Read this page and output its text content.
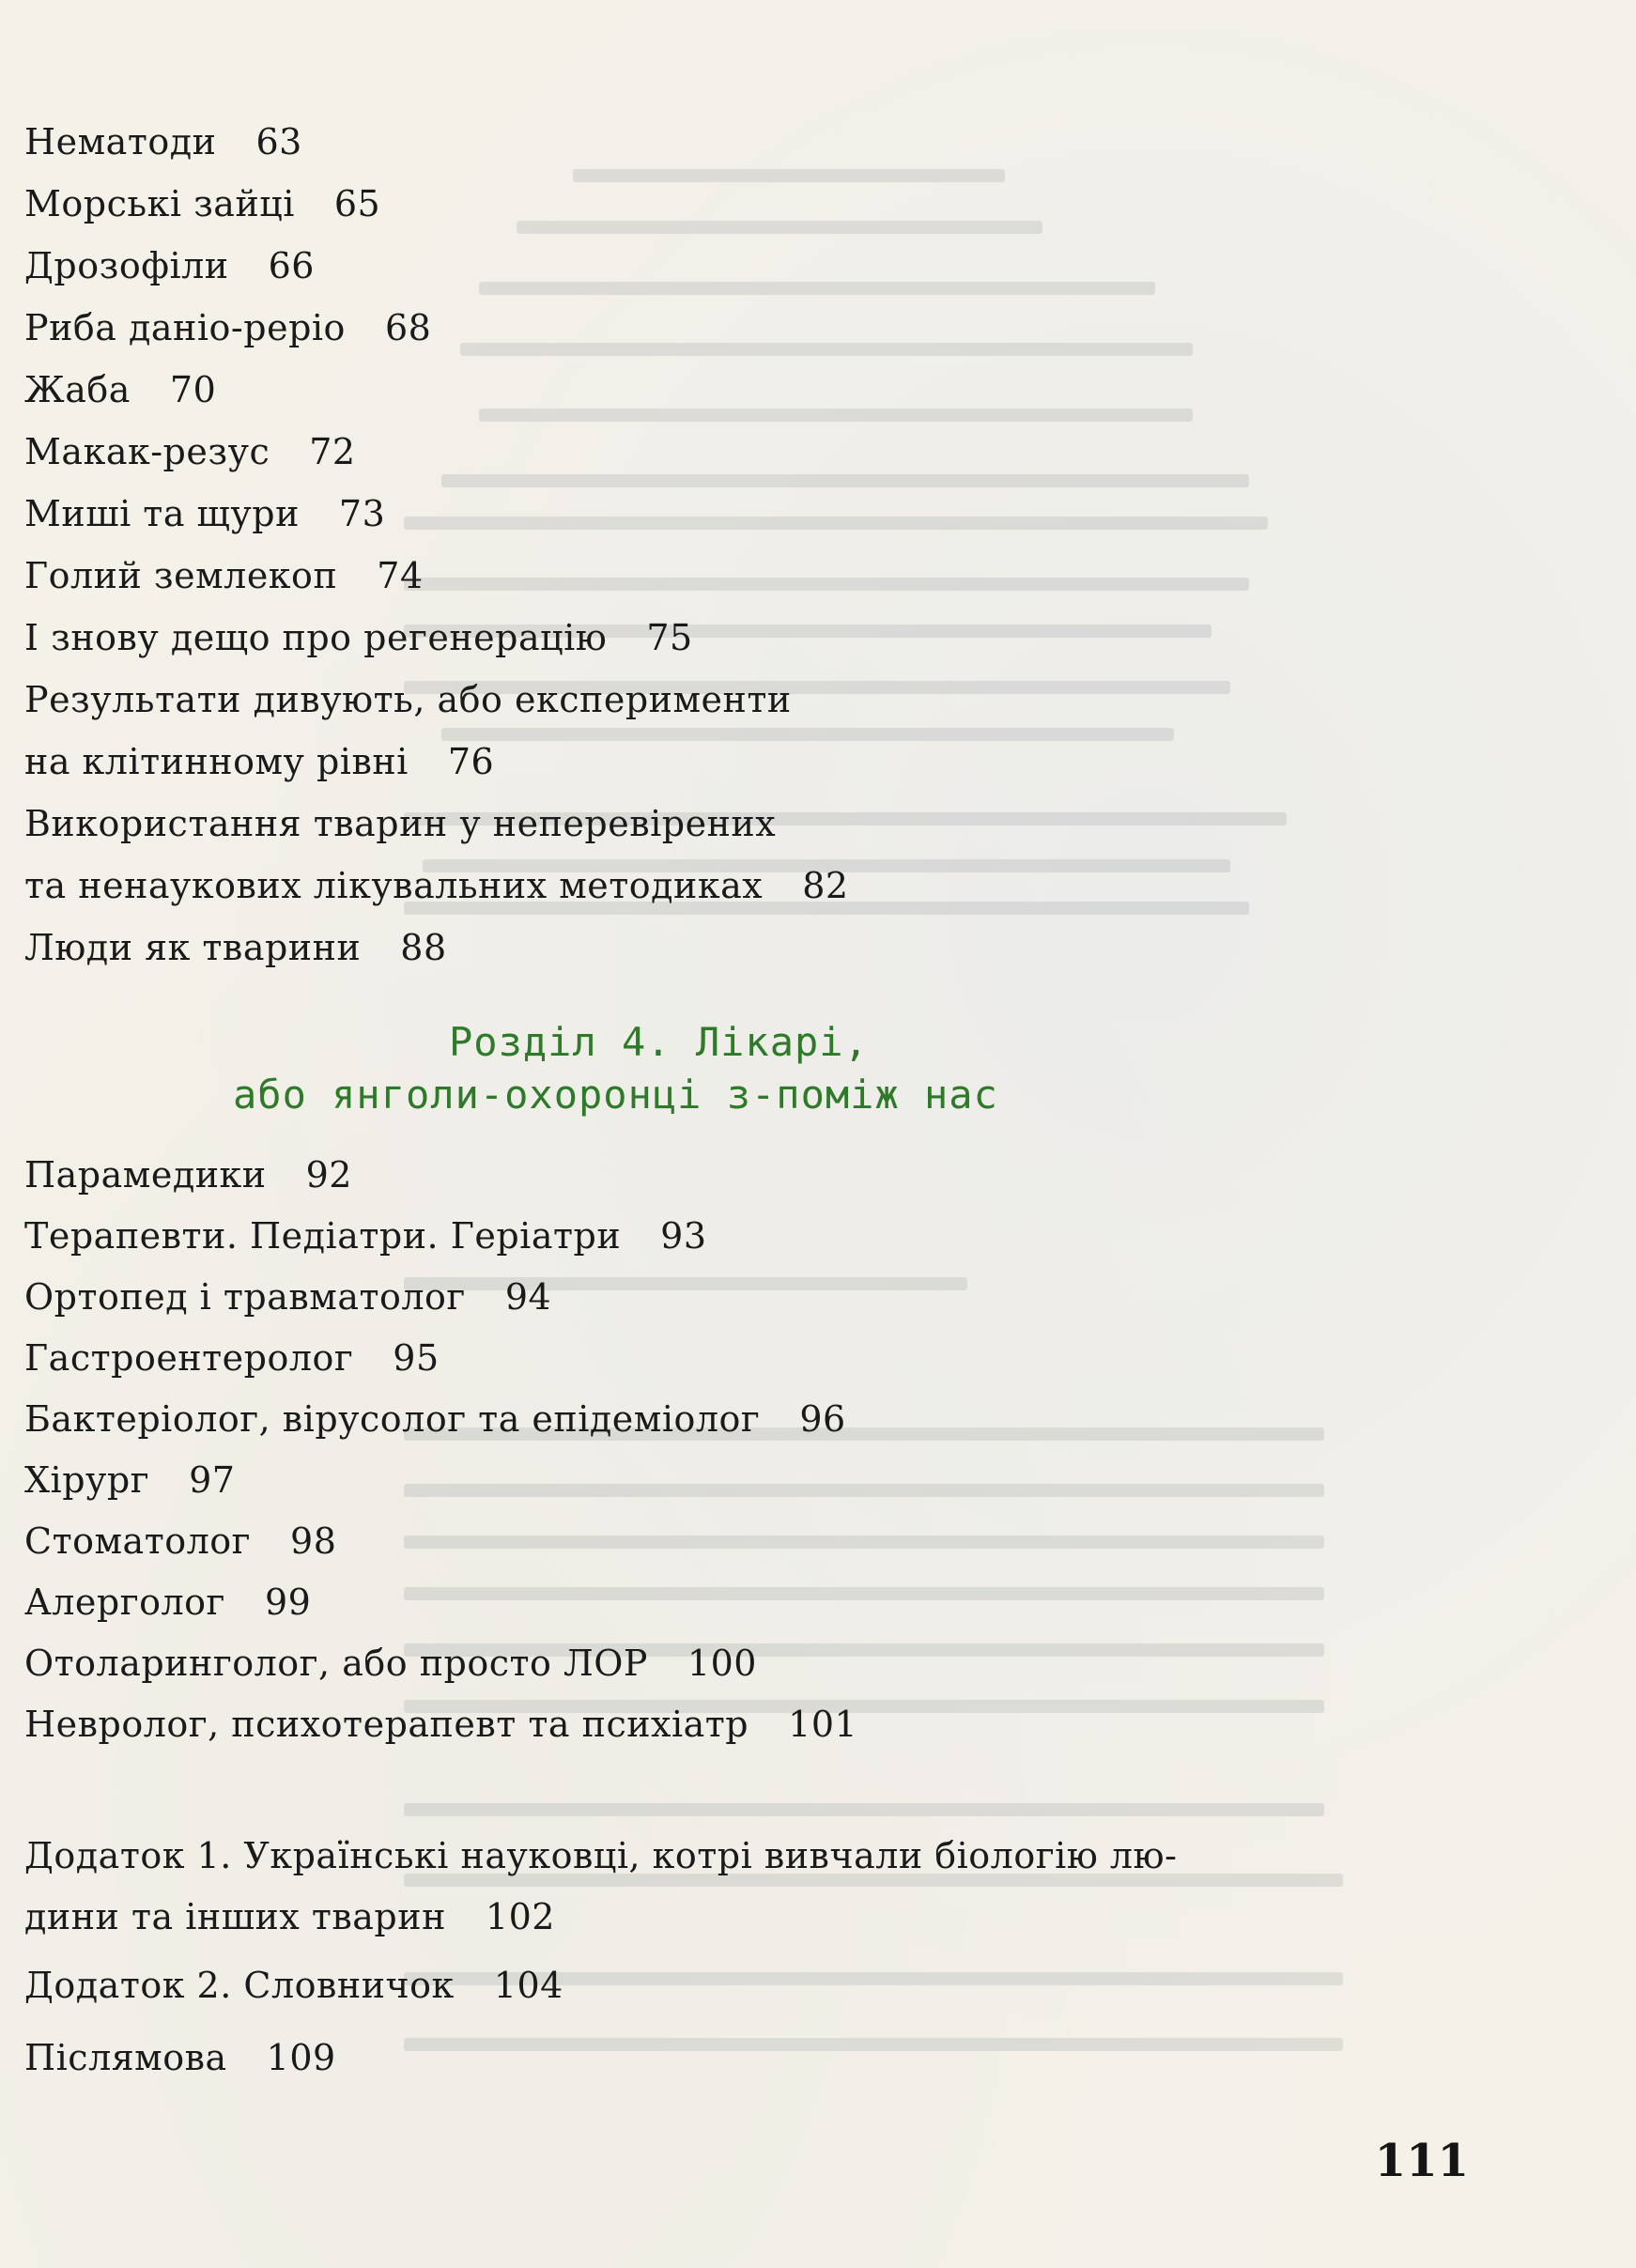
Нематоди 63
Морські зайці 65
Дрозофіли 66
Риба даніо-реріо 68
Жаба 70
Макак-резус 72
Миші та щури 73
Голий землекоп 74
І знову дещо про регенерацію 75
Результати дивують, або експерименти
на клітинному рівні 76
Використання тварин у неперевірених
та ненаукових лікувальних методиках 82
Люди як тварини 88
Розділ 4. Лікарі,
або янголи-охоронці з-поміж нас
Парамедики 92
Терапевти. Педіатри. Геріатри 93
Ортопед і травматолог 94
Гастроентеролог 95
Бактеріолог, вірусолог та епідеміолог 96
Хірург 97
Стоматолог 98
Алерголог 99
Отоларинголог, або просто ЛОР 100
Невролог, психотерапевт та психіатр 101
Додаток 1. Українські науковці, котрі вивчали біологію лю-
дини та інших тварин 102
Додаток 2. Словничок 104
Післямова 109
111
